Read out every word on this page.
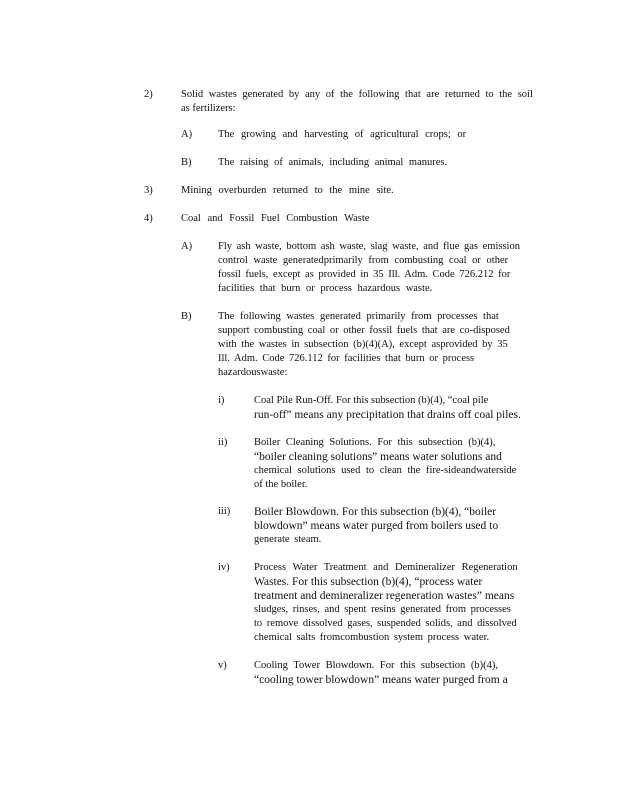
2)	Solid wastes generated by any of the following that are returned to the soil
as fertilizers:
A) The growing and harvesting of agricultural crops; or
B)	The raising of animals, including animal manures.
3)	Mining overburden returned to the mine site.
4)	Coal and Fossil Fuel Combustion Waste
A) Fly ash waste, bottom ash waste, slag waste, and flue gas emission
control waste generatedprimarily from combusting coal or other
fossil fuels, except as provided in 35 Ill. Adm. Code 726.212 for
facilities that burn or process hazardous waste.
B)	The following wastes generated primarily from processes that
support combusting coal or other fossil fuels that are co-disposed
with the wastes in subsection (b)(4)(A), except asprovided by 35
Ill. Adm. Code 726.112 for facilities that burn or process
hazardouswaste:
i)	Coal Pile Run-Off. For this subsection (b)(4), “coal pile
run-off” means any precipitation that drains off coal piles.
ii)	Boiler Cleaning Solutions. For this subsection (b)(4),
“boiler cleaning solutions” means water solutions and
chemical solutions used to clean the fire-sideandwaterside
of the boiler.
iii) Boiler Blowdown. For this subsection (b)(4), “boiler
blowdown” means water purged from boilers used to
generate steam.
iv) Process Water Treatment and Demineralizer Regeneration
Wastes. For this subsection (b)(4), “process water
treatment and demineralizer regeneration wastes” means
sludges, rinses, and spent resins generated from processes
to remove dissolved gases, suspended solids, and dissolved
chemical salts fromcombustion system process water.
v)	Cooling Tower Blowdown. For this subsection (b)(4),
“cooling tower blowdown” means water purged from a
